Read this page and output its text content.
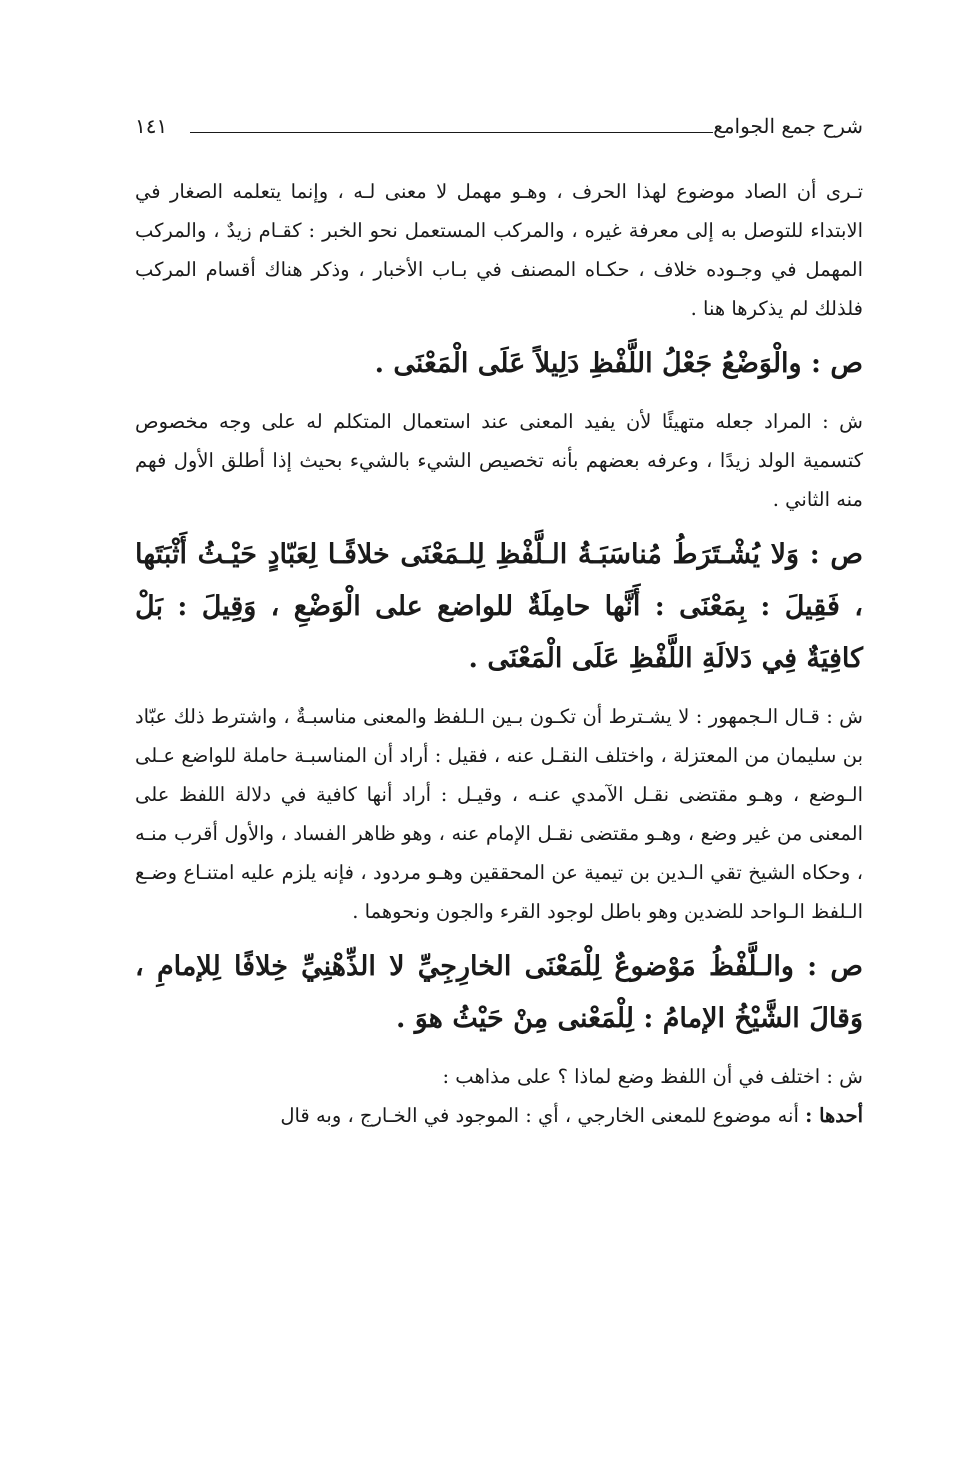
شرح جمع الجوامع
١٤١

تـرى أن الصاد موضوع لهذا الحرف ، وهـو مهمل لا معنى لـه ، وإنما يتعلمه الصغار في الابتداء للتوصل به إلى معرفة غيره ، والمركب المستعمل نحو الخبر : كقـام زيدٌ ، والمركب المهمل في وجـوده خلاف ، حكـاه المصنف في بـاب الأخبار ، وذكر هناك أقسام المركب فلذلك لم يذكرها هنا .

ص : والْوَضْعُ جَعْلُ اللَّفْظِ دَلِيلاً عَلَى الْمَعْنَى .

ش : المراد جعله متهيئًا لأن يفيد المعنى عند استعمال المتكلم له على وجه مخصوص كتسمية الولد زيدًا ، وعرفه بعضهم بأنه تخصيص الشيء بالشيء بحيث إذا أطلق الأول فهم منه الثاني .

ص : وَلا يُشْـتَرَطُ مُناسَبَـةُ الـلَّفْظِ لِلـمَعْنَى خلافًـا لِعَبّادٍ حَيْـثُ أَثْبَتَها ، فَقِيلَ : بِمَعْنَى : أَنَّها حامِلَةٌ للواضع على الْوَضْعِ ، وَقِيلَ : بَلْ كافِيَةٌ فِي دَلالَةِ اللَّفْظِ عَلَى الْمَعْنَى .

ش : قـال الـجمهور : لا يشـترط أن تكـون بـين الـلفظ والمعنى مناسبـةٌ ، واشترط ذلك عبّاد بن سليمان من المعتزلة ، واختلف النقـل عنه ، فقيل : أراد أن المناسبـة حاملة للواضع عـلى الـوضع ، وهـو مقتضى نقـل الآمدي عنـه ، وقيـل : أراد أنها كافية في دلالة اللفظ على المعنى من غير وضع ، وهـو مقتضى نقـل الإمام عنه ، وهو ظاهر الفساد ، والأول أقرب منـه ، وحكاه الشيخ تقي الـدين بن تيمية عن المحققين وهـو مردود ، فإنه يلزم عليه امتنـاع وضـع الـلفظ الـواحد للضدين وهو باطل لوجود القرء والجون ونحوهما .

ص : والـلَّفْظُ مَوْضوعٌ لِلْمَعْنَى الخارِجِيِّ لا الذِّهْنِيِّ خِلافًا لِلإمامِ ، وَقالَ الشَّيْخُ الإمامُ : لِلْمَعْنى مِنْ حَيْثُ هوَ .

ش : اختلف في أن اللفظ وضع لماذا ؟ على مذاهب :

أحدها : أنه موضوع للمعنى الخارجي ، أي : الموجود في الخـارج ، وبه قال
